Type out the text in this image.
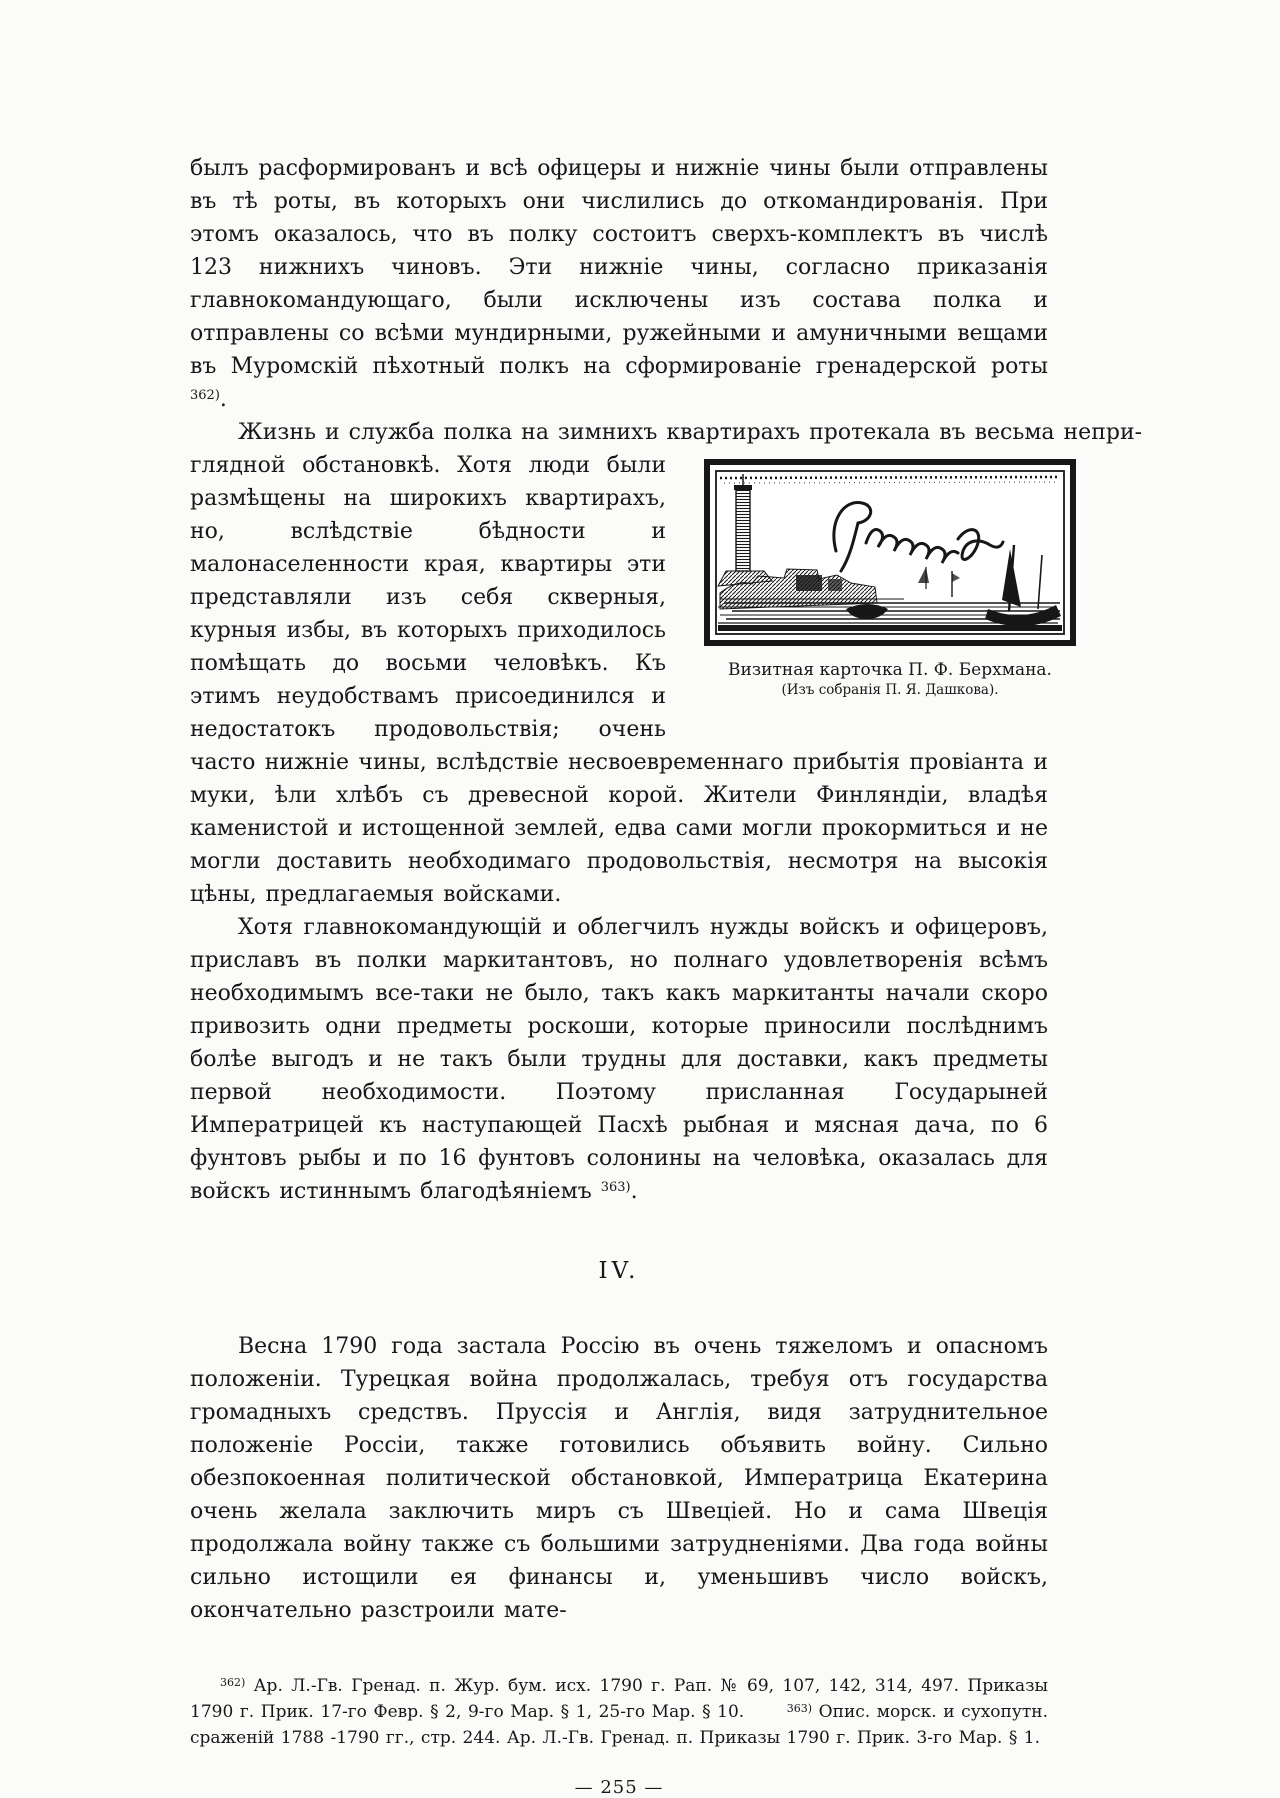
былъ расформированъ и всѣ офицеры и нижніе чины были отправлены въ тѣ роты, въ которыхъ они числились до откомандированія. При этомъ оказалось, что въ полку состоитъ сверхъ-комплектъ въ числѣ 123 нижнихъ чиновъ. Эти нижніе чины, согласно приказанія главнокомандующаго, были исключены изъ состава полка и отправлены со всѣми мундирными, ружейными и амуничными вещами въ Муромскій пѣхотный полкъ на сформированіе гренадерской роты $^{362)}$.

Жизнь и служба полка на зимнихъ квартирахъ протекала въ весьма непри-

Визитная карточка П. Ф. Берхмана.
(Изъ собранія П. Я. Дашкова).

глядной обстановкѣ. Хотя люди были размѣщены на широкихъ квартирахъ, но, вслѣдствіе бѣдности и малонаселенности края, квартиры эти представляли изъ себя скверныя, курныя избы, въ которыхъ приходилось помѣщать до восьми человѣкъ. Къ этимъ неудобствамъ присоединился и недостатокъ продовольствія; очень часто нижніе чины, вслѣдствіе несвоевременнаго прибытія провіанта и муки, ѣли хлѣбъ съ древесной корой. Жители Финляндіи, владѣя каменистой и истощенной землей, едва сами могли прокормиться и не могли доставить необходимаго продовольствія, несмотря на высокія цѣны, предлагаемыя войсками.

Хотя главнокомандующій и облегчилъ нужды войскъ и офицеровъ, приславъ въ полки маркитантовъ, но полнаго удовлетворенія всѣмъ необходимымъ все-таки не было, такъ какъ маркитанты начали скоро привозить одни предметы роскоши, которые приносили послѣднимъ болѣе выгодъ и не такъ были трудны для доставки, какъ предметы первой необходимости. Поэтому присланная Государыней Императрицей къ наступающей Пасхѣ рыбная и мясная дача, по 6 фунтовъ рыбы и по 16 фунтовъ солонины на человѣка, оказалась для войскъ истиннымъ благодѣяніемъ $^{363)}$.

IV.

Весна 1790 года застала Россію въ очень тяжеломъ и опасномъ положеніи. Турецкая война продолжалась, требуя отъ государства громадныхъ средствъ. Пруссія и Англія, видя затруднительное положеніе Россіи, также готовились объявить войну. Сильно обезпокоенная политической обстановкой, Императрица Екатерина очень желала заключить миръ съ Швеціей. Но и сама Швеція продолжала войну также съ большими затрудненіями. Два года войны сильно истощили ея финансы и, уменьшивъ число войскъ, окончательно разстроили мате-

$^{362)}$ Ар. Л.-Гв. Гренад. п. Жур. бум. исх. 1790 г. Рап. № 69, 107, 142, 314, 497. Приказы 1790 г. Прик. 17-го Февр. § 2, 9-го Мар. § 1, 25-го Мар. § 10.	$^{363)}$ Опис. морск. и сухопутн. сраженій 1788 -1790 гг., стр. 244. Ар. Л.-Гв. Гренад. п. Приказы 1790 г. Прик. 3-го Мар. § 1.

— 255 —
